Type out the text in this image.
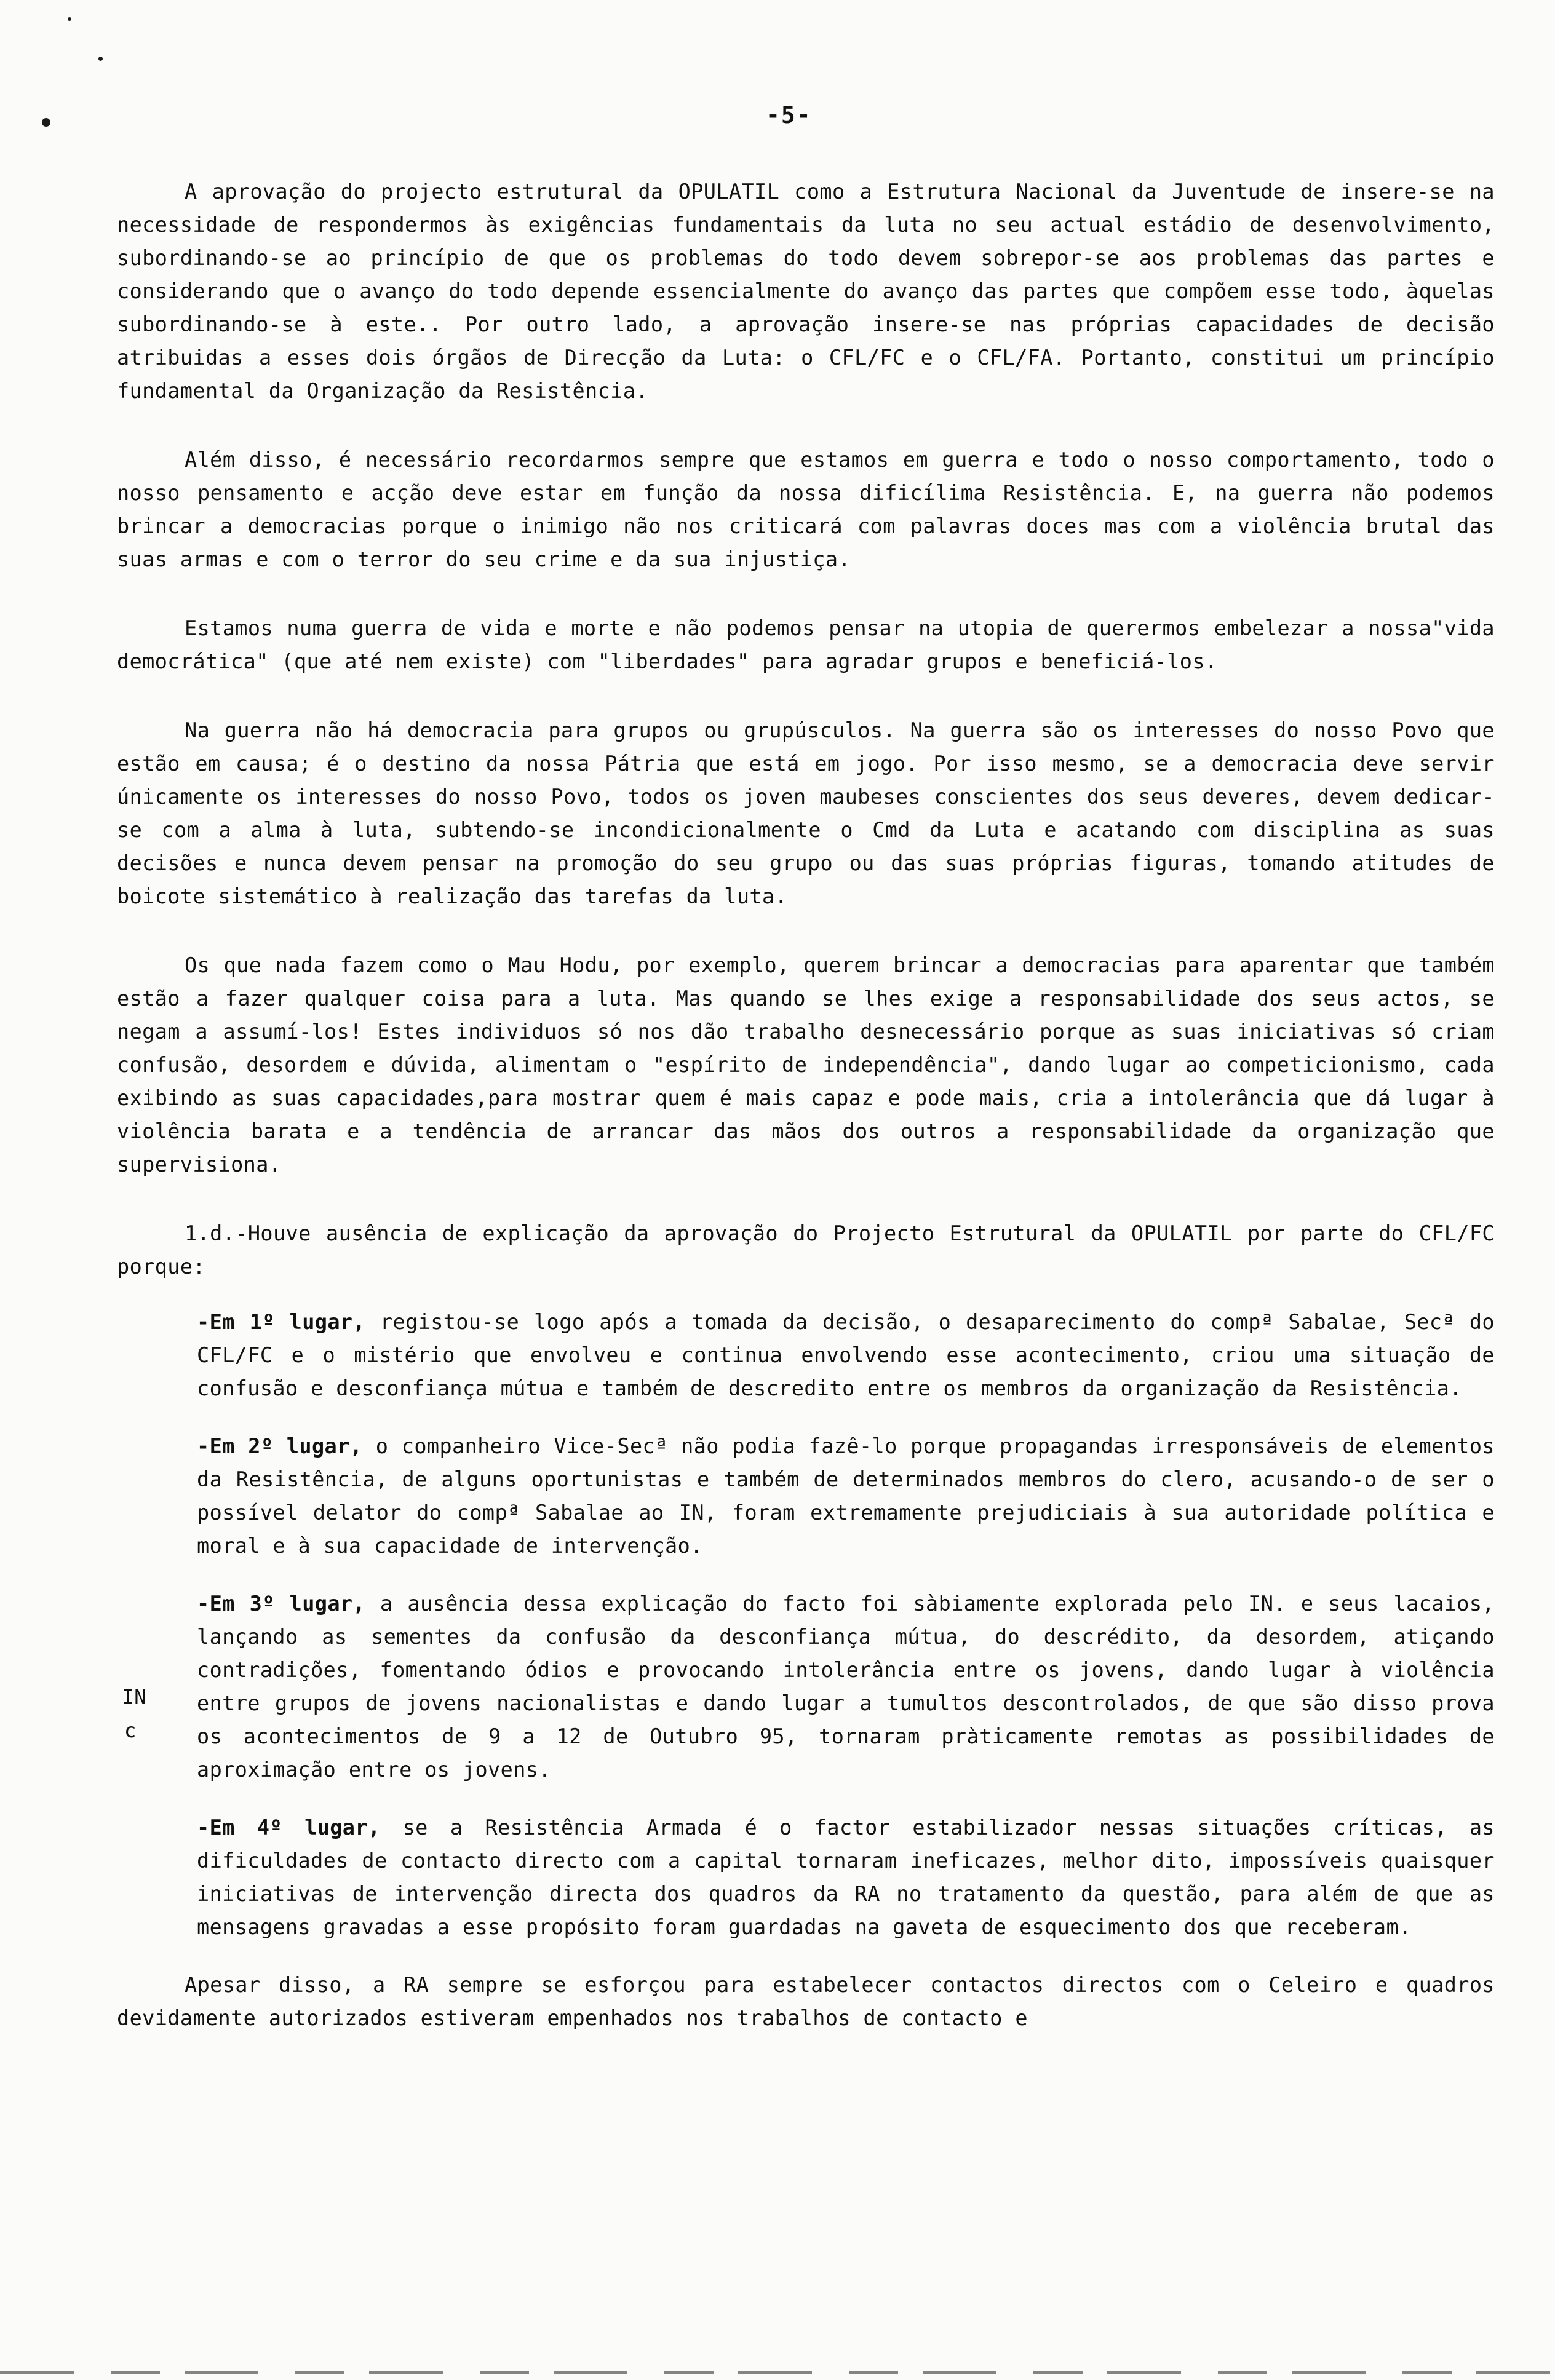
-5-

A aprovação do projecto estrutural da OPULATIL como a Estrutura Nacional da Juventude de insere-se na necessidade de respondermos às exigências fundamentais da luta no seu actual estádio de desenvolvimento, subordinando-se ao princípio de que os problemas do todo devem sobrepor-se aos problemas das partes e considerando que o avanço do todo depende essencialmente do avanço das partes que compõem esse todo, àquelas subordinando-se à este.. Por outro lado, a aprovação insere-se nas próprias capacidades de decisão atribuidas a esses dois órgãos de Direcção da Luta: o CFL/FC e o CFL/FA. Portanto, constitui um princípio fundamental da Organização da Resistência.

Além disso, é necessário recordarmos sempre que estamos em guerra e todo o nosso comportamento, todo o nosso pensamento e acção deve estar em função da nossa dificílima Resistência. E, na guerra não podemos brincar a democracias porque o inimigo não nos criticará com palavras doces mas com a violência brutal das suas armas e com o terror do seu crime e da sua injustiça.

Estamos numa guerra de vida e morte e não podemos pensar na utopia de querermos embelezar a nossa"vida democrática" (que até nem existe) com "liberdades" para agradar grupos e beneficiá-los.

Na guerra não há democracia para grupos ou grupúsculos. Na guerra são os interesses do nosso Povo que estão em causa; é o destino da nossa Pátria que está em jogo. Por isso mesmo, se a democracia deve servir únicamente os interesses do nosso Povo, todos os joven maubeses conscientes dos seus deveres, devem dedicar-se com a alma à luta, subtendo-se incondicionalmente o Cmd da Luta e acatando com disciplina as suas decisões e nunca devem pensar na promoção do seu grupo ou das suas próprias figuras, tomando atitudes de boicote sistemático à realização das tarefas da luta.

Os que nada fazem como o Mau Hodu, por exemplo, querem brincar a democracias para aparentar que também estão a fazer qualquer coisa para a luta. Mas quando se lhes exige a responsabilidade dos seus actos, se negam a assumí-los! Estes individuos só nos dão trabalho desnecessário porque as suas iniciativas só criam confusão, desordem e dúvida, alimentam o "espírito de independência", dando lugar ao competicionismo, cada exibindo as suas capacidades,para mostrar quem é mais capaz e pode mais, cria a intolerância que dá lugar à violência barata e a tendência de arrancar das mãos dos outros a responsabilidade da organização que supervisiona.

1.d.-Houve ausência de explicação da aprovação do Projecto Estrutural da OPULATIL por parte do CFL/FC porque:

-Em 1º lugar, registou-se logo após a tomada da decisão, o desaparecimento do compª Sabalae, Secª do CFL/FC e o mistério que envolveu e continua envolvendo esse acontecimento, criou uma situação de confusão e desconfiança mútua e também de descredito entre os membros da organização da Resistência.

-Em 2º lugar, o companheiro Vice-Secª não podia fazê-lo porque propagandas irresponsáveis de elementos da Resistência, de alguns oportunistas e também de determinados membros do clero, acusando-o de ser o possível delator do compª Sabalae ao IN, foram extremamente prejudiciais à sua autoridade política e moral e à sua capacidade de intervenção.

-Em 3º lugar, a ausência dessa explicação do facto foi sàbiamente explorada pelo IN. e seus lacaios, lançando as sementes da confusão da desconfiança mútua, do descrédito, da desordem, atiçando contradições, fomentando ódios e provocando intolerância entre os jovens, dando lugar à violência entre grupos de jovens nacionalistas e dando lugar a tumultos descontrolados, de que são disso prova os acontecimentos de 9 a 12 de Outubro 95, tornaram pràticamente remotas as possibilidades de aproximação entre os jovens.

-Em 4º lugar, se a Resistência Armada é o factor estabilizador nessas situações críticas, as dificuldades de contacto directo com a capital tornaram ineficazes, melhor dito, impossíveis quaisquer iniciativas de intervenção directa dos quadros da RA no tratamento da questão, para além de que as mensagens gravadas a esse propósito foram guardadas na gaveta de esquecimento dos que receberam.

Apesar disso, a RA sempre se esforçou para estabelecer contactos directos com o Celeiro e quadros devidamente autorizados estiveram empenhados nos trabalhos de contacto e

IN
c
